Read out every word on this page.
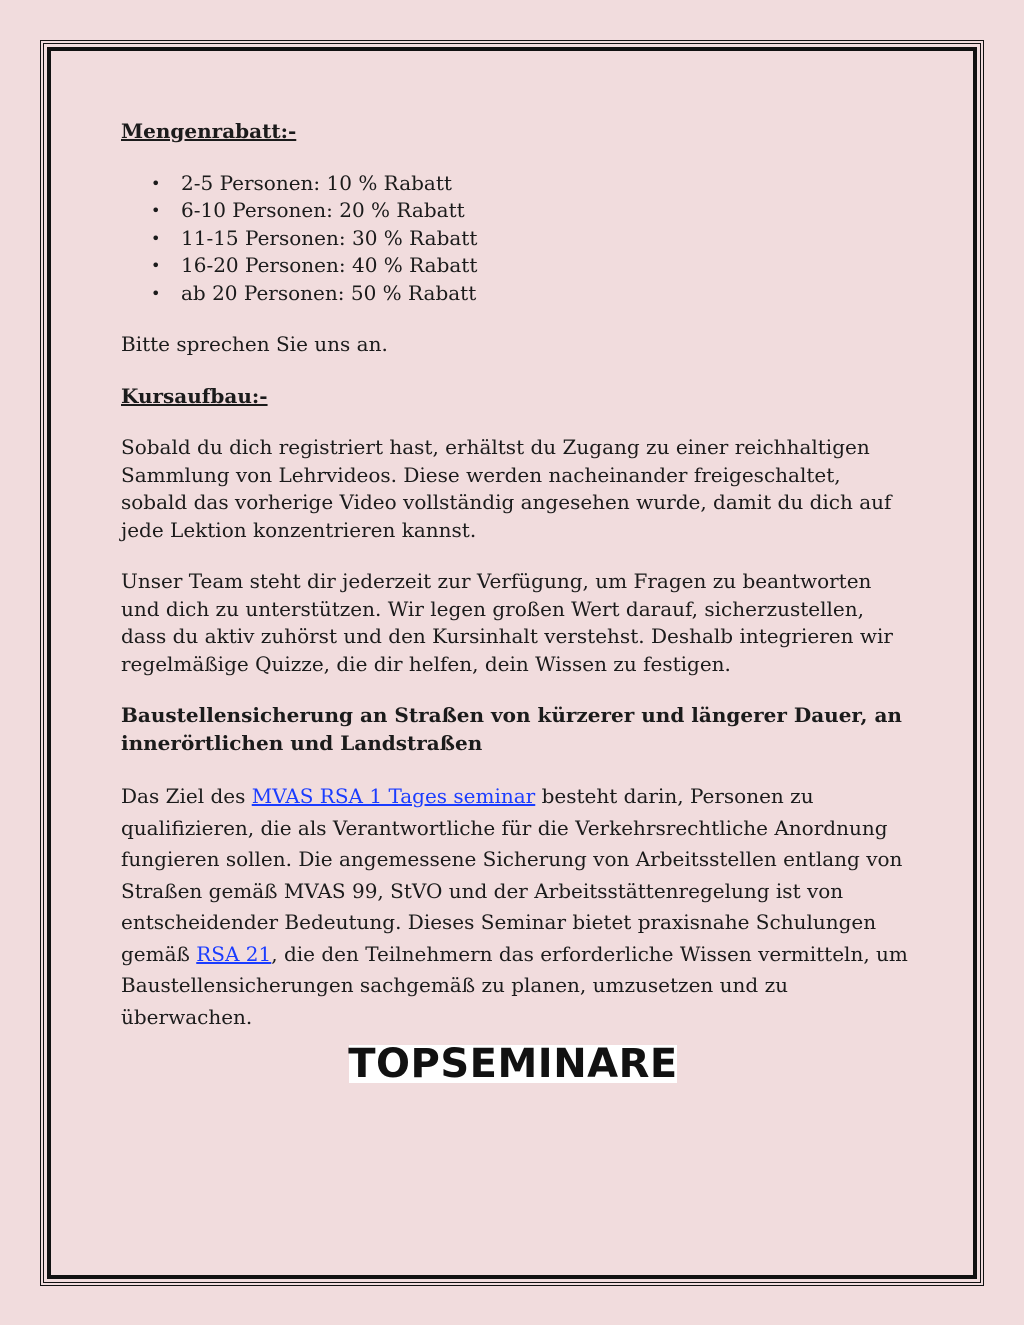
Mengenrabatt:-
• 2-5 Personen: 10 % Rabatt
• 6-10 Personen: 20 % Rabatt
• 11-15 Personen: 30 % Rabatt
• 16-20 Personen: 40 % Rabatt
• ab 20 Personen: 50 % Rabatt

Bitte sprechen Sie uns an.

Kursaufbau:-

Sobald du dich registriert hast, erhältst du Zugang zu einer reichhaltigen Sammlung von Lehrvideos. Diese werden nacheinander freigeschaltet, sobald das vorherige Video vollständig angesehen wurde, damit du dich auf jede Lektion konzentrieren kannst.

Unser Team steht dir jederzeit zur Verfügung, um Fragen zu beantworten und dich zu unterstützen. Wir legen großen Wert darauf, sicherzustellen, dass du aktiv zuhörst und den Kursinhalt verstehst. Deshalb integrieren wir regelmäßige Quizze, die dir helfen, dein Wissen zu festigen.

Baustellensicherung an Straßen von kürzerer und längerer Dauer, an innerörtlichen und Landstraßen

Das Ziel des MVAS RSA 1 Tages seminar besteht darin, Personen zu qualifizieren, die als Verantwortliche für die Verkehrsrechtliche Anordnung fungieren sollen. Die angemessene Sicherung von Arbeitsstellen entlang von Straßen gemäß MVAS 99, StVO und der Arbeitsstättenregelung ist von entscheidender Bedeutung. Dieses Seminar bietet praxisnahe Schulungen gemäß RSA 21, die den Teilnehmern das erforderliche Wissen vermitteln, um Baustellensicherungen sachgemäß zu planen, umzusetzen und zu überwachen.

TOPSEMINARE
